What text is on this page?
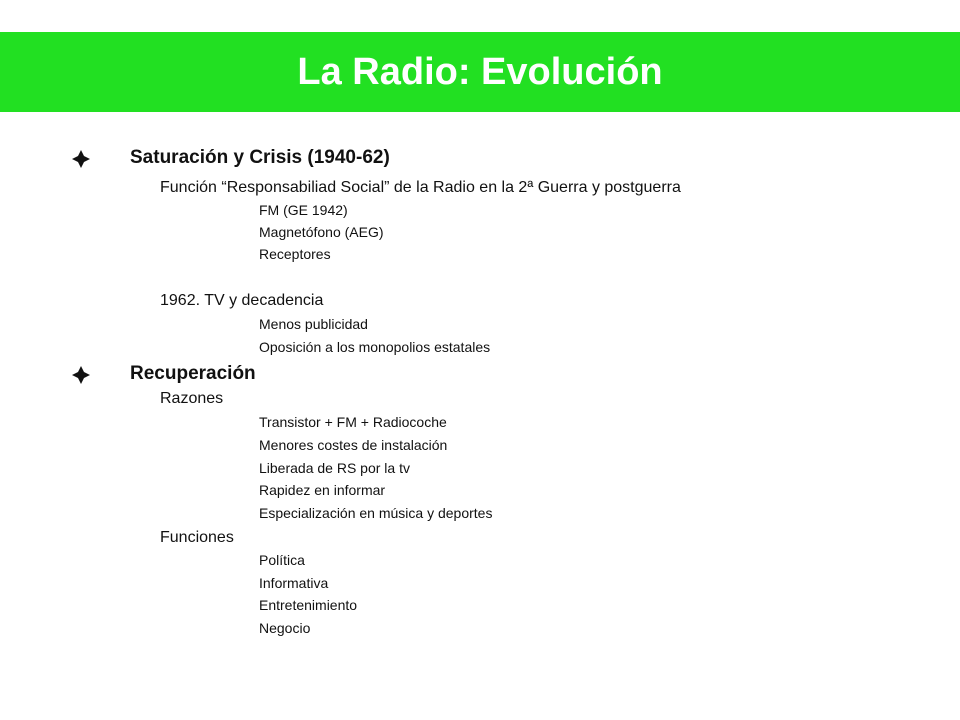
La Radio: Evolución
Saturación y Crisis (1940-62)
Función “Responsabiliad Social” de la Radio en la 2ª Guerra y postguerra
FM (GE 1942)
Magnetófono (AEG)
Receptores
1962. TV y decadencia
Menos publicidad
Oposición a los monopolios estatales
Recuperación
Razones
Transistor + FM + Radiocoche
Menores costes de instalación
Liberada de RS por la tv
Rapidez en informar
Especialización en música y deportes
Funciones
Política
Informativa
Entretenimiento
Negocio
